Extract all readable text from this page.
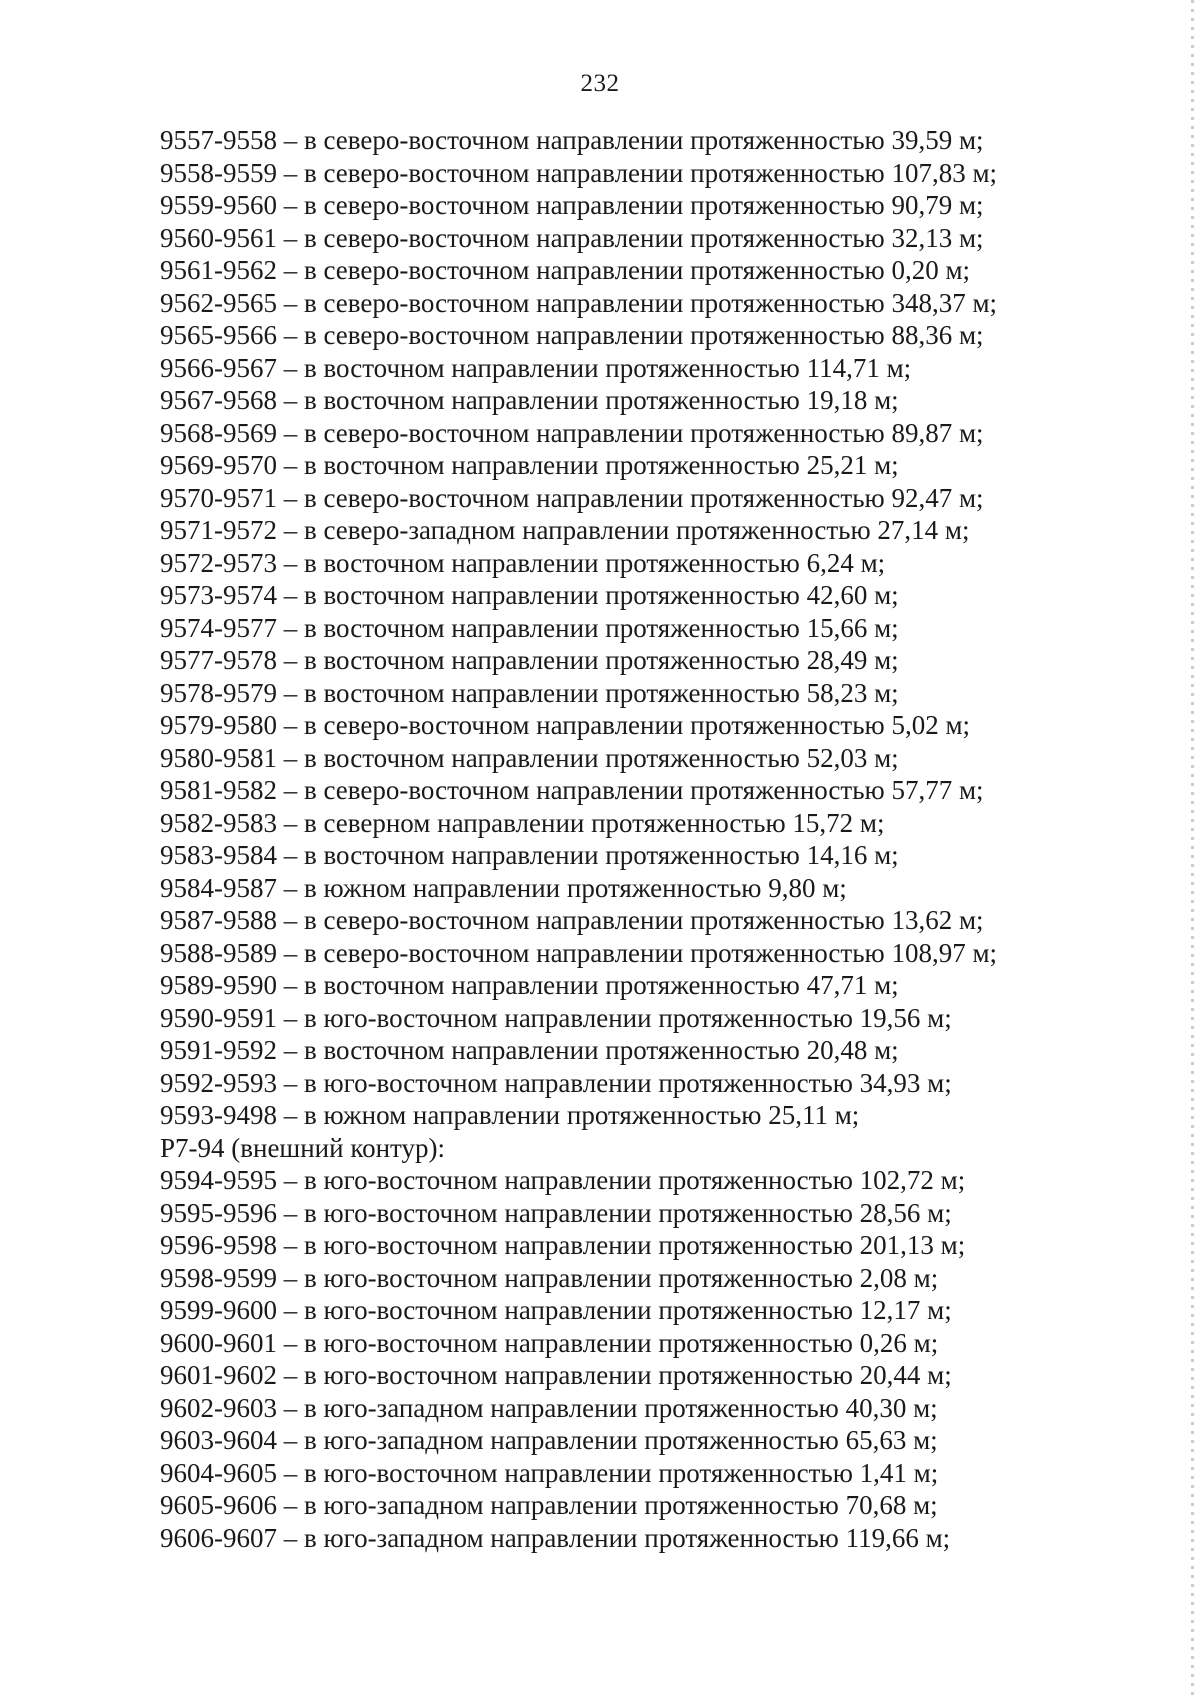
232
9557-9558 – в северо-восточном направлении протяженностью 39,59 м;
9558-9559 – в северо-восточном направлении протяженностью 107,83 м;
9559-9560 – в северо-восточном направлении протяженностью 90,79 м;
9560-9561 – в северо-восточном направлении протяженностью 32,13 м;
9561-9562 – в северо-восточном направлении протяженностью 0,20 м;
9562-9565 – в северо-восточном направлении протяженностью 348,37 м;
9565-9566 – в северо-восточном направлении протяженностью 88,36 м;
9566-9567 – в восточном направлении протяженностью 114,71 м;
9567-9568 – в восточном направлении протяженностью 19,18 м;
9568-9569 – в северо-восточном направлении протяженностью 89,87 м;
9569-9570 – в восточном направлении протяженностью 25,21 м;
9570-9571 – в северо-восточном направлении протяженностью 92,47 м;
9571-9572 – в северо-западном направлении протяженностью 27,14 м;
9572-9573 – в восточном направлении протяженностью 6,24 м;
9573-9574 – в восточном направлении протяженностью 42,60 м;
9574-9577 – в восточном направлении протяженностью 15,66 м;
9577-9578 – в восточном направлении протяженностью 28,49 м;
9578-9579 – в восточном направлении протяженностью 58,23 м;
9579-9580 – в северо-восточном направлении протяженностью 5,02 м;
9580-9581 – в восточном направлении протяженностью 52,03 м;
9581-9582 – в северо-восточном направлении протяженностью 57,77 м;
9582-9583 – в северном направлении протяженностью 15,72 м;
9583-9584 – в восточном направлении протяженностью 14,16 м;
9584-9587 – в южном направлении протяженностью 9,80 м;
9587-9588 – в северо-восточном направлении протяженностью 13,62 м;
9588-9589 – в северо-восточном направлении протяженностью 108,97 м;
9589-9590 – в восточном направлении протяженностью 47,71 м;
9590-9591 – в юго-восточном направлении протяженностью 19,56 м;
9591-9592 – в восточном направлении протяженностью 20,48 м;
9592-9593 – в юго-восточном направлении протяженностью 34,93 м;
9593-9498 – в южном направлении протяженностью 25,11 м;
Р7-94 (внешний контур):
9594-9595 – в юго-восточном направлении протяженностью 102,72 м;
9595-9596 – в юго-восточном направлении протяженностью 28,56 м;
9596-9598 – в юго-восточном направлении протяженностью 201,13 м;
9598-9599 – в юго-восточном направлении протяженностью 2,08 м;
9599-9600 – в юго-восточном направлении протяженностью 12,17 м;
9600-9601 – в юго-восточном направлении протяженностью 0,26 м;
9601-9602 – в юго-восточном направлении протяженностью 20,44 м;
9602-9603 – в юго-западном направлении протяженностью 40,30 м;
9603-9604 – в юго-западном направлении протяженностью 65,63 м;
9604-9605 – в юго-восточном направлении протяженностью 1,41 м;
9605-9606 – в юго-западном направлении протяженностью 70,68 м;
9606-9607 – в юго-западном направлении протяженностью 119,66 м;
